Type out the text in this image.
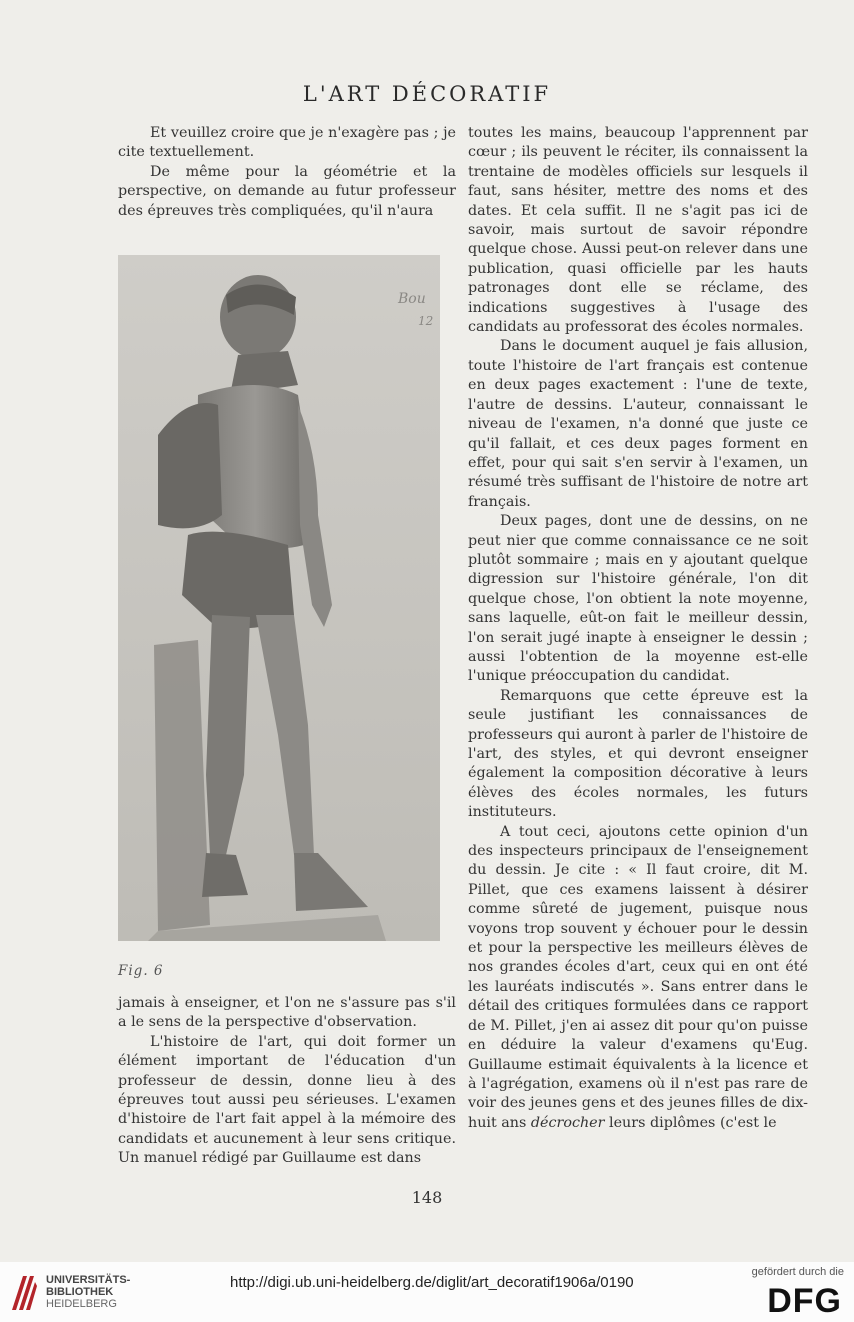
L'ART DÉCORATIF

Et veuillez croire que je n'exagère pas ; je cite textuellement.

De même pour la géométrie et la perspective, on demande au futur professeur des épreuves très compliquées, qu'il n'aura

Bou
12
Fig. 6

jamais à enseigner, et l'on ne s'assure pas s'il a le sens de la perspective d'observation.

L'histoire de l'art, qui doit former un élément important de l'éducation d'un professeur de dessin, donne lieu à des épreuves tout aussi peu sérieuses. L'examen d'histoire de l'art fait appel à la mémoire des candidats et aucunement à leur sens critique. Un manuel rédigé par Guillaume est dans

toutes les mains, beaucoup l'apprennent par cœur ; ils peuvent le réciter, ils connaissent la trentaine de modèles officiels sur lesquels il faut, sans hésiter, mettre des noms et des dates. Et cela suffit. Il ne s'agit pas ici de savoir, mais surtout de savoir répondre quelque chose. Aussi peut-on relever dans une publication, quasi officielle par les hauts patronages dont elle se réclame, des indications suggestives à l'usage des candidats au professorat des écoles normales.

Dans le document auquel je fais allusion, toute l'histoire de l'art français est contenue en deux pages exactement : l'une de texte, l'autre de dessins. L'auteur, connaissant le niveau de l'examen, n'a donné que juste ce qu'il fallait, et ces deux pages forment en effet, pour qui sait s'en servir à l'examen, un résumé très suffisant de l'histoire de notre art français.

Deux pages, dont une de dessins, on ne peut nier que comme connaissance ce ne soit plutôt sommaire ; mais en y ajoutant quelque digression sur l'histoire générale, l'on dit quelque chose, l'on obtient la note moyenne, sans laquelle, eût-on fait le meilleur dessin, l'on serait jugé inapte à enseigner le dessin ; aussi l'obtention de la moyenne est-elle l'unique préoccupation du candidat.

Remarquons que cette épreuve est la seule justifiant les connaissances de professeurs qui auront à parler de l'histoire de l'art, des styles, et qui devront enseigner également la composition décorative à leurs élèves des écoles normales, les futurs instituteurs.

A tout ceci, ajoutons cette opinion d'un des inspecteurs principaux de l'enseignement du dessin. Je cite : « Il faut croire, dit M. Pillet, que ces examens laissent à désirer comme sûreté de jugement, puisque nous voyons trop souvent y échouer pour le dessin et pour la perspective les meilleurs élèves de nos grandes écoles d'art, ceux qui en ont été les lauréats indiscutés ». Sans entrer dans le détail des critiques formulées dans ce rapport de M. Pillet, j'en ai assez dit pour qu'on puisse en déduire la valeur d'examens qu'Eug. Guillaume estimait équivalents à la licence et à l'agrégation, examens où il n'est pas rare de voir des jeunes gens et des jeunes filles de dix-huit ans décrocher leurs diplômes (c'est le

148
UNIVERSITÄTS-
BIBLIOTHEK
HEIDELBERG
http://digi.ub.uni-heidelberg.de/diglit/art_decoratif1906a/0190
gefördert durch die
DFG
